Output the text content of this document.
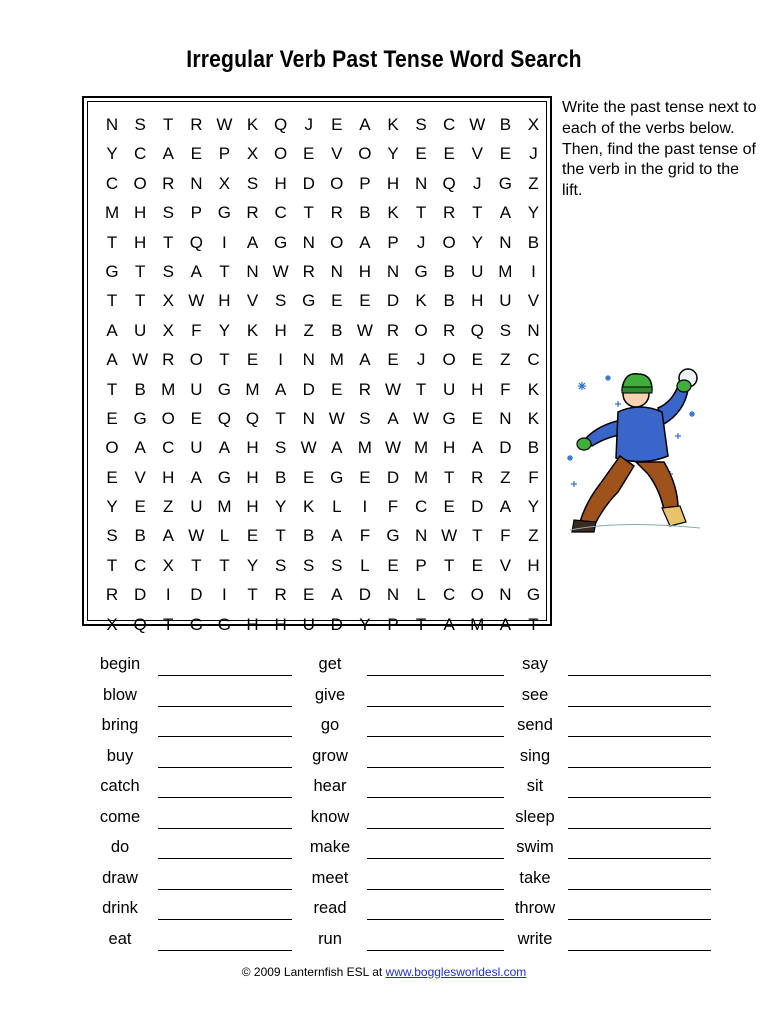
Irregular Verb Past Tense Word Search
N S	T R W K Q	J	E A K S C W B X
Y C A E P X O E V O Y E E V E	J
C O R N X S H D O P H N Q	J	G Z
M H S P G R C T R B K	T R T	A Y
T H T Q	I	A G N O A P	J	O Y N B
G T	S A	T N W R N H N G B U M	I
T	T	X W H V S G E E D K B H U V
A U X	F	Y K H Z	B W R O R Q S N
A W R O T	E	I	N M A E	J	O E	Z C
T	B M U G M A D E R W T U H F	K
E G O E Q Q T N W S A W G E N K
O A C U A H S W A M W M H A D B
E V H A G H B E G E D M T R Z	F
Y E	Z U M H Y K	L	I	F C E D A Y
S B A W L	E	T	B A	F G N W T	F	Z
T C X	T	T	Y S S S	L	E P	T	E V H
R D	I	D	I	T R E A D N	L	C O N G
X Q T G G H H U D Y P	T	A M A	T
Write the past tense next to each of the verbs below. Then, find the past tense of the verb in the grid to the lift.
begin	get	say
blow	give	see
bring	go	send
buy	grow	sing
catch	hear	sit
come	know	sleep
do	make	swim
draw	meet	take
drink	read	throw
eat	run	write
© 2009 Lanternfish ESL at www.bogglesworldesl.com
